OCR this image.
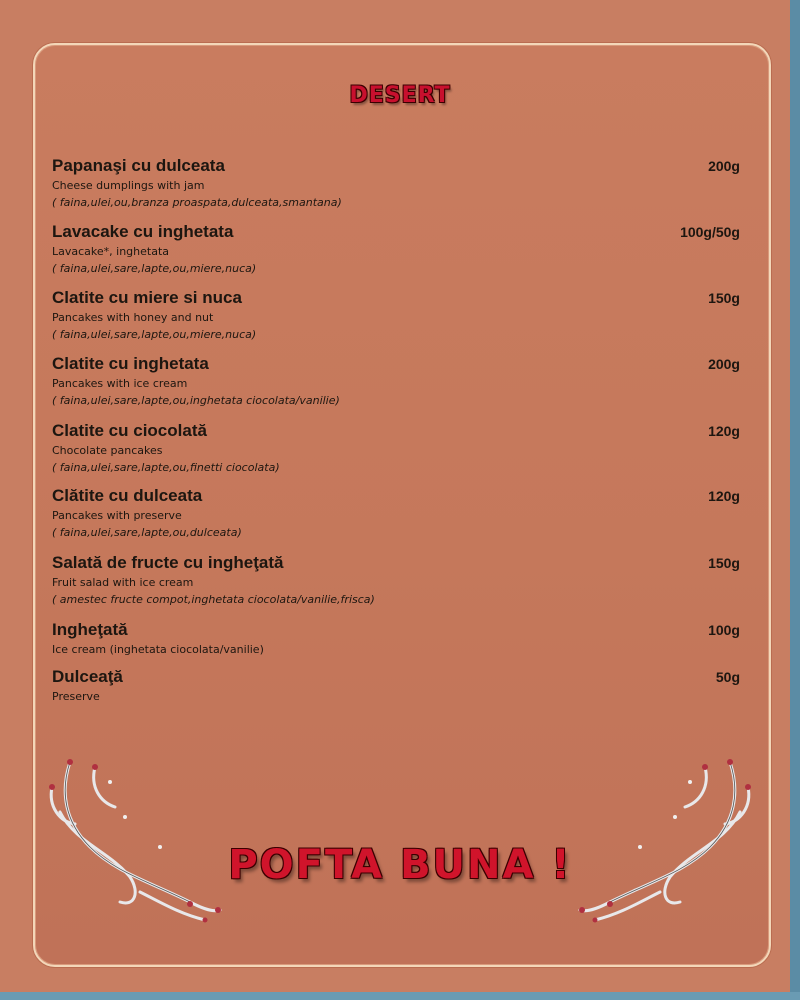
DESERT
Papanaşi cu dulceata	200g
Cheese dumplings with jam
( faina,ulei,ou,branza proaspata,dulceata,smantana)
Lavacake cu inghetata	100g/50g
Lavacake*, inghetata
( faina,ulei,sare,lapte,ou,miere,nuca)
Clatite cu miere si nuca	150g
Pancakes with honey and nut
( faina,ulei,sare,lapte,ou,miere,nuca)
Clatite cu inghetata	200g
Pancakes with ice cream
( faina,ulei,sare,lapte,ou,inghetata ciocolata/vanilie)
Clatite cu ciocolată	120g
Chocolate pancakes
( faina,ulei,sare,lapte,ou,finetti ciocolata)
Clătite cu dulceata	120g
Pancakes with preserve
( faina,ulei,sare,lapte,ou,dulceata)
Salată de fructe cu ingheţată	150g
Fruit salad with ice cream
( amestec fructe compot,inghetata ciocolata/vanilie,frisca)
Ingheţată	100g
Ice cream (inghetata ciocolata/vanilie)
Dulceaţă	50g
Preserve
POFTA BUNA !
